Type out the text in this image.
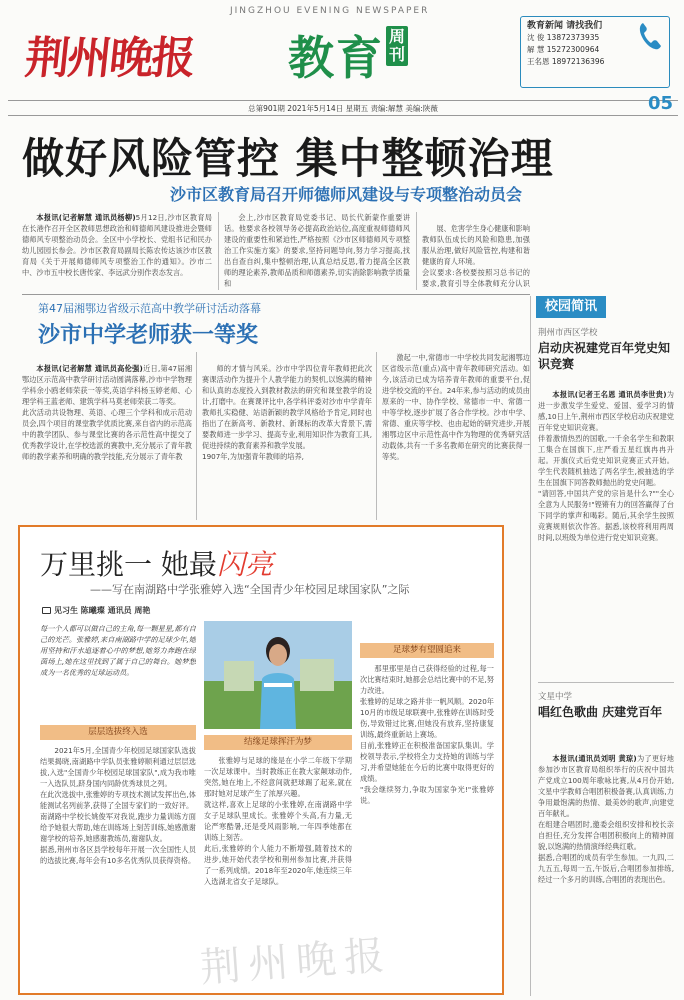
JINGZHOU EVENING NEWSPAPER
荆州晚报 教育 周刊
教育新闻 请找我们
沈 俊 13872373935
解 慧 15272300964
王名恩 18972136396
总第901期 2021年5月14日 星期五 责编:解慧 美编:陕薇	05
做好风险管控 集中整顿治理
沙市区教育局召开师德师风建设与专项整治动员会

本报讯(记者解慧 通讯员杨柳)5月12日,沙市区教育局在长港作召开全区教师思想政治和师德师风建设推进会暨师德师风专项整治动员会。全区中小学校长、党组书记和民办幼儿园园长参会。沙市区教育局副局长陈农传达该沙市区教育局《关于开展师德师风专项整治工作的通知》。沙市二中、沙市五中校长唐传家、李远武分别作表态发言。

会上,沙市区教育局党委书记、局长代新蒙作重要讲话。他要求各校领导务必提高政治站位,高度重视师德师风建设的重要性和紧迫性,严格按照《沙市区师德师风专项整治工作实施方案》的要求,坚持问题导向,努力学习提高,找出自查自纠,集中整顿治理,认真总结反思,着力提高全区教师的理论素养,教师品质和师德素养,切实消除影响教学质量和

展、危害学生身心健康和影响教师队伍成长的风险和隐患,加强服从治理,做好风险管控,构建和谐健康的育人环境。
会议要求:各校要按照习总书记的要求,教育引导全体教师充分认识

第47届湘鄂边省级示范高中教学研讨活动落幕
沙市中学老师获一等奖

本报讯(记者解慧 通讯员高伦强)近日,第47届湘鄂边区示范高中教学研讨活动圆满落幕,沙市中学物理学科余小鸥老师荣获一等奖,英语学科杨玉婷老师、心理学科王蓝老师、建筑学科马莫老师荣获二等奖。
此次活动共设物理、英语、心理三个学科和成示范动员会,四个项目的课堂教学优质比赛,来自省内的示范高中的教学团队、参与课堂比赛的各示范性高中提交了优秀教学设计,在学校选派的赛教中,充分展示了青年教师的教学素养和明确的教学技能,充分展示了青年教

师的才情与风采。沙市中学四位青年教师把此次赛课活动作为提升个人教学能力的契机,以饱满的精神和认真的态度投入到教材教法的研究和课堂教学的设计,打磨中。在赛课评比中,各学科评委对沙市中学青年教师扎实稳健、站语新颖的教学风格给予肯定,同时也指出了在新高考、新教材、新课标的改革大背景下,需要教师进一步学习、提高专业,利用知识作为教育工具,促进持续的教育素养和教学发展。
1907年,为加强青年教师的培养,

激起一中,常德市一中学校共同发起湘鄂边区省级示范(重点)高中青年教师研究活动。如今,该活动已成为培养青年教师的重要平台,促进学校交流的平台。24年来,参与活动的成员由原来的一中、协作学校、常德市一中、常德一中等学校,逐步扩展了各合作学校。沙市中学、常德、重庆等学校、也由起始的研究进步,开展湘鄂边区中示范性高中作为物理的优秀研究活动载体,共有一千多名教师在研究的比赛获得一等奖。

校园简讯
荆州市西区学校
启动庆祝建党百年党史知识竞赛

本报讯(记者王名恩 通讯员李世贵)为进一步激发学生爱党、爱国、爱学习的情感,10日上午,荆州市西区学校启动庆祝建党百年党史知识竞赛。
伴着激情热烈的国歌,一千余名学生和教职工集合在国旗下,庄严看五星红旗冉冉升起。开旗仪式后党史知识竞赛正式开始。学生代表随机抽选了两名学生,被抽选的学生在国旗下同答教师抛出的党史问题。
"请回答,中国共产党的宗旨是什么?""全心全意为人民服务!"铿锵有力的回答赢得了台下同学的掌声和喝彩。随后,其余学生按照竞赛规则依次作答。据悉,该校将利用两周时间,以班级为单位进行党史知识竞赛。

文星中学
唱红色歌曲 庆建党百年

本报讯(通讯员刘明 黄琼)为了更好地参加沙市区教育局组织举行的庆祝中国共产党成立100周年歌咏比赛,从4月份开始,文星中学教师合唱团积极备赛,认真训练,力争用最饱满的热情、最美妙的歌声,向建党百年献礼。
在组建合唱团时,邀委会组织安排和校长亲自担任,充分发挥合唱团积极向上的精神面貌,以饱满的热情演绎经典红歌。
据悉,合唱团的成员有学生参加。一九四,二九五五,每周一五,午饭后,合唱团参加排练,经过一个多月的训练,合唱团的表现出色。

万里挑一 她最闪亮
——写在南湖路中学张雅婷入选“全国青少年校园足球国家队”之际
见习生 陈曦璨 通讯员 周艳
每一个人都可以做自己的主角,每一颗星星,都有自己的光芒。张雅婷,来自南湖路中学的足球少年,她用坚持和汗水追逐着心中的梦想,她努力奔跑在绿茵场上,她在这里找到了属于自己的舞台。她梦想成为一名优秀的足球运动员。
层层选拔终入选

2021年5月,全国青少年校园足球国家队选拔结果揭晓,南湖路中学队员张雅婷顺利通过层层选拔,入选"全国青少年校园足球国家队",成为我市唯一入选队员,跻身国内同龄优秀球员之列。
在此次选拔中,张雅婷的专项技术测试发挥出色,体能测试名列前茅,获得了全国专家们的一致好评。
南湖路中学校长姚俊军对我说,跑步力量训练方面给予她很大帮助,她在训练场上刻苦训练,她感激谢谢学校的培养,她感谢教练员,谢谢队友。
据悉,荆州市各区县学校每年开展一次全国性人员的选拔比赛,每年会有10多名优秀队员获得资格。

结缘足球挥汗为梦

张雅婷与足球的缘是在小学二年级下学期一次足球课中。当时教练正在教大家颠球动作,突然,她在地上,不经意间就把球踢了起来,就在那时她对足球产生了浓厚兴趣。
就这样,喜欢上足球的小张雅婷,在南湖路中学女子足球队里成长。张雅婷个头高,有力量,无论严寒酷暑,还是受风雨影响,一年四季她都在训练上刻苦。
此后,张雅婷的个人能力不断增强,随着技术的进步,她开始代表学校和荆州参加比赛,并获得了一系列成绩。2018年至2020年,她连续三年入选湖北省女子足球队。

足球梦有望圆追来

那里那里是自己获得经验的过程,每一次比赛结束时,她都会总结比赛中的不足,努力改进。
张雅婷的足球之路并非一帆风顺。2020年10月的市级足球联赛中,张雅婷在训练时受伤,导致错过比赛,但她没有放弃,坚持康复训练,最终重新站上赛场。
目前,张雅婷正在积极准备国家队集训。学校领导表示,学校将全力支持她的训练与学习,并希望她能在今后的比赛中取得更好的成绩。
"我会继续努力,争取为国家争光!"张雅婷说。

荆州晚报
